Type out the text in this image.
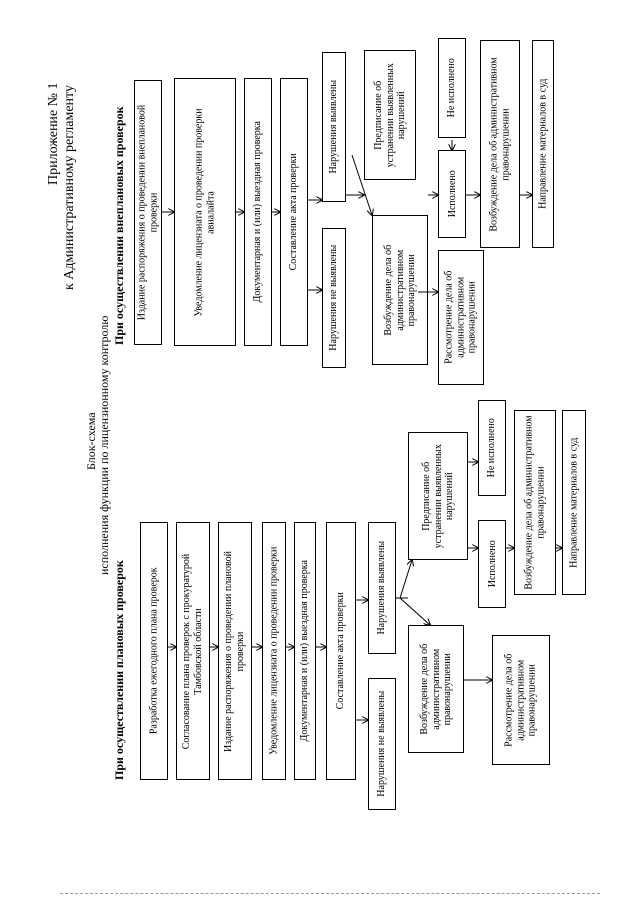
Приложение № 1 к Административному регламенту
Блок-схема исполнения функции по лицензионному контролю
При осуществлении внеплановых проверок
При осуществлении плановых проверок
Издание распоряжения о проведении внеплановой проверки	Уведомление лицензиата о проведении проверки авиалайта	Документарная и (или) выездная проверка	Составление акта проверки
Нарушения выявлены
Нарушения не выявлены
Предписание об устранении выявленных нарушений
Возбуждение дела об административном правонарушении
Исполнено
Не исполнено
Рассмотрение дела об административном правонарушении
Возбуждение дела об административном правонарушении	Направление материалов в суд
Разработка ежегодного плана проверок Согласование плана проверок с прокуратурой Тамбовской области Издание распоряжения о проведении плановой проверки Уведомление лицензиата о проведении проверки Документарная и (или) выездная проверка	Составление акта проверки
Нарушения выявлены
Нарушения не выявлены
Предписание об устранении выявленных нарушений
Возбуждение дела об административном правонарушении
Исполнено
Не исполнено
Рассмотрение дела об административном правонарушении
Возбуждение дела об административном правонарушении Направление материалов в суд
